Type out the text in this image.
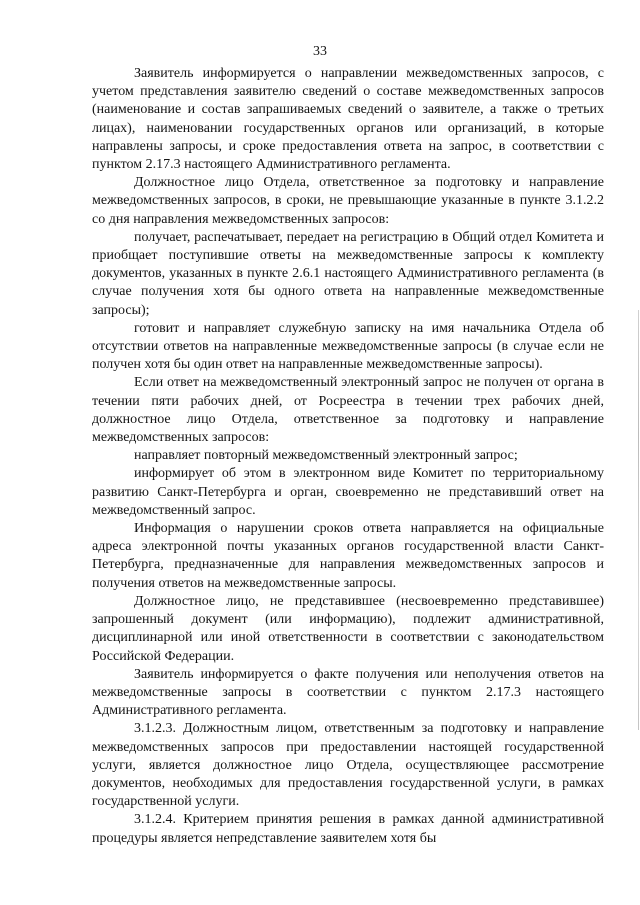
33

Заявитель информируется о направлении межведомственных запросов, с учетом представления заявителю сведений о составе межведомственных запросов (наименование и состав запрашиваемых сведений о заявителе, а также о третьих лицах), наименовании государственных органов или организаций, в которые направлены запросы, и сроке предоставления ответа на запрос, в соответствии с пунктом 2.17.3 настоящего Административного регламента.

Должностное лицо Отдела, ответственное за подготовку и направление межведомственных запросов, в сроки, не превышающие указанные в пункте 3.1.2.2 со дня направления межведомственных запросов:

получает, распечатывает, передает на регистрацию в Общий отдел Комитета и приобщает поступившие ответы на межведомственные запросы к комплекту документов, указанных в пункте 2.6.1 настоящего Административного регламента (в случае получения хотя бы одного ответа на направленные межведомственные запросы);

готовит и направляет служебную записку на имя начальника Отдела об отсутствии ответов на направленные межведомственные запросы (в случае если не получен хотя бы один ответ на направленные межведомственные запросы).

Если ответ на межведомственный электронный запрос не получен от органа в течении пяти рабочих дней, от Росреестра в течении трех рабочих дней, должностное лицо Отдела, ответственное за подготовку и направление межведомственных запросов:

направляет повторный межведомственный электронный запрос;

информирует об этом в электронном виде Комитет по территориальному развитию Санкт-Петербурга и орган, своевременно не представивший ответ на межведомственный запрос.

Информация о нарушении сроков ответа направляется на официальные адреса электронной почты указанных органов государственной власти Санкт-Петербурга, предназначенные для направления межведомственных запросов и получения ответов на межведомственные запросы.

Должностное лицо, не представившее (несвоевременно представившее) запрошенный документ (или информацию), подлежит административной, дисциплинарной или иной ответственности в соответствии с законодательством Российской Федерации.

Заявитель информируется о факте получения или неполучения ответов на межведомственные запросы в соответствии с пунктом 2.17.3 настоящего Административного регламента.

3.1.2.3. Должностным лицом, ответственным за подготовку и направление межведомственных запросов при предоставлении настоящей государственной услуги, является должностное лицо Отдела, осуществляющее рассмотрение документов, необходимых для предоставления государственной услуги, в рамках государственной услуги.

3.1.2.4. Критерием принятия решения в рамках данной административной процедуры является непредставление заявителем хотя бы
